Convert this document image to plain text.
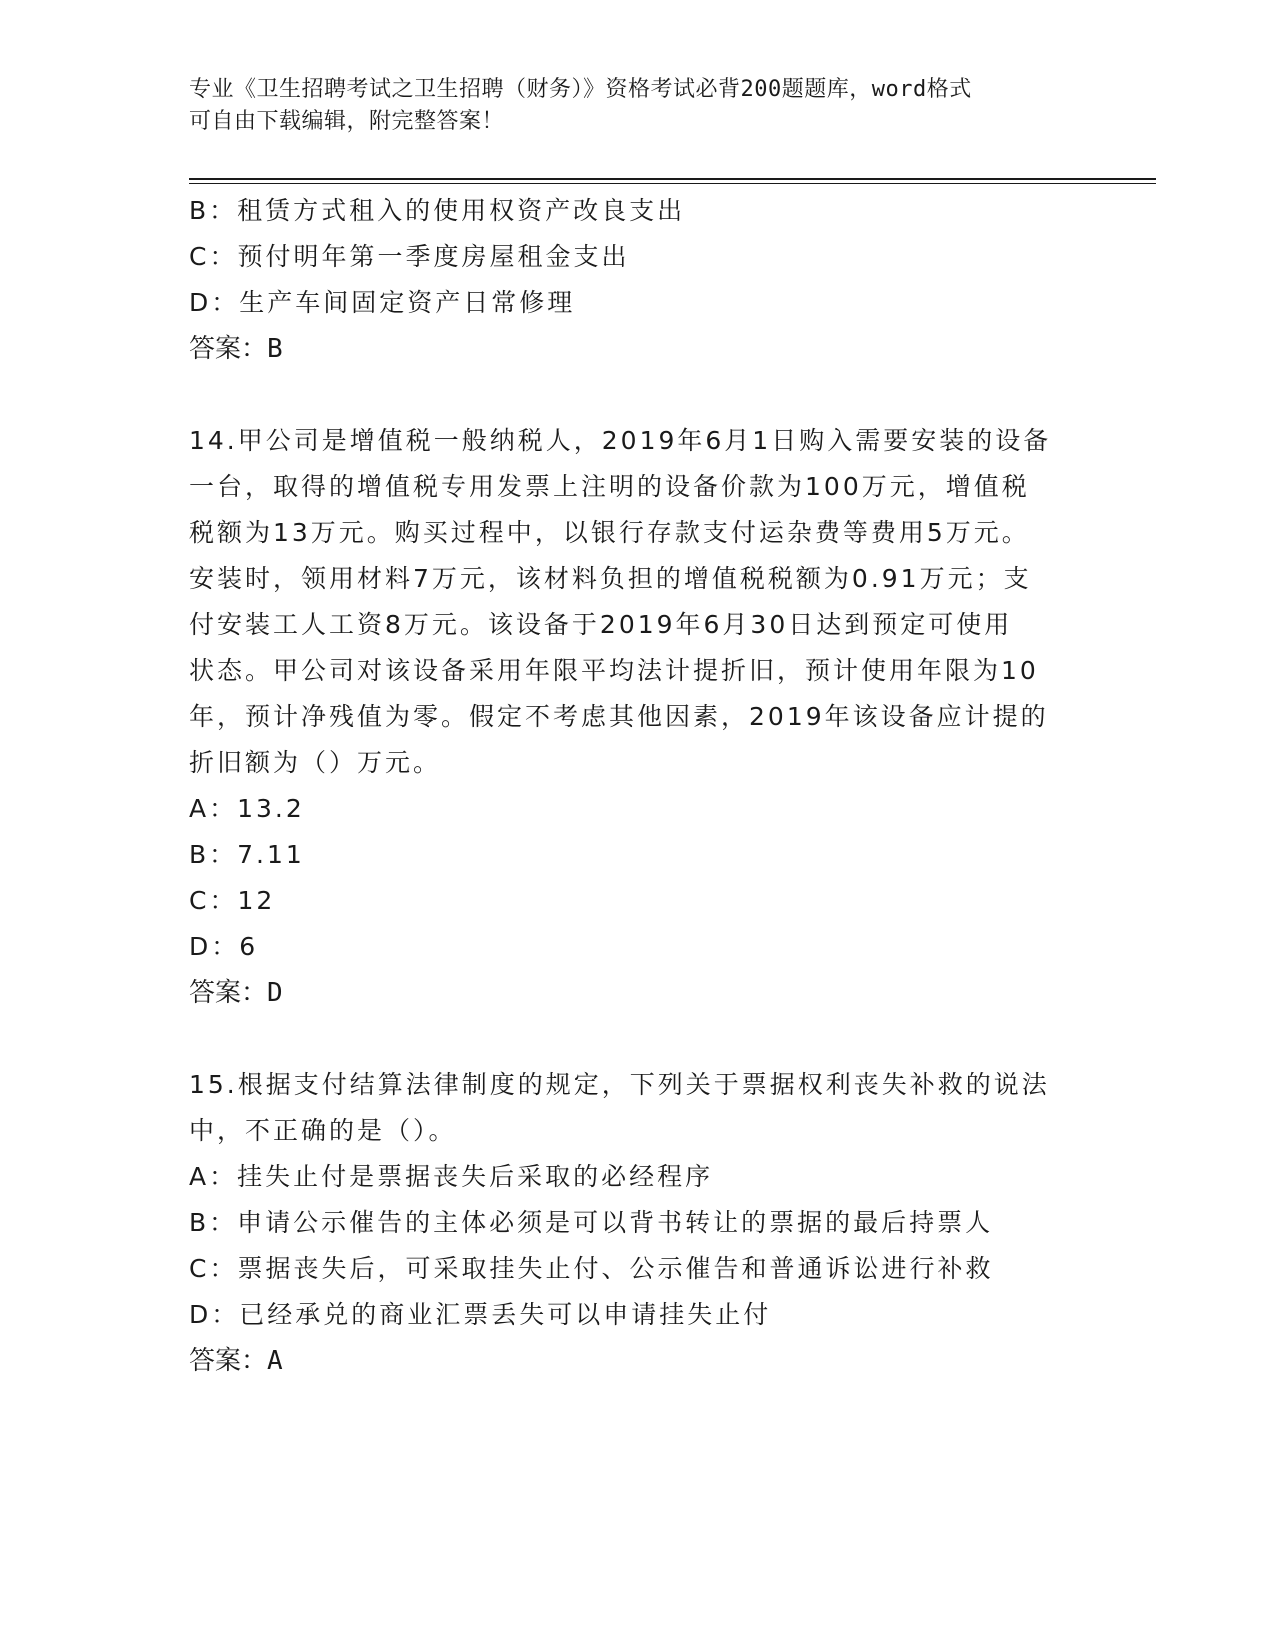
专业《卫生招聘考试之卫生招聘（财务）》资格考试必背200题题库，word格式
可自由下载编辑，附完整答案！
B：租赁方式租入的使用权资产改良支出
C：预付明年第一季度房屋租金支出
D：生产车间固定资产日常修理
答案：B
14.甲公司是增值税一般纳税人，2019年6月1日购入需要安装的设备
一台，取得的增值税专用发票上注明的设备价款为100万元，增值税
税额为13万元。购买过程中，以银行存款支付运杂费等费用5万元。
安装时，领用材料7万元，该材料负担的增值税税额为0.91万元；支
付安装工人工资8万元。该设备于2019年6月30日达到预定可使用
状态。甲公司对该设备采用年限平均法计提折旧，预计使用年限为10
年，预计净残值为零。假定不考虑其他因素，2019年该设备应计提的
折旧额为（）万元。
A：13.2
B：7.11
C：12
D：6
答案：D
15.根据支付结算法律制度的规定，下列关于票据权利丧失补救的说法
中，不正确的是（）。
A：挂失止付是票据丧失后采取的必经程序
B：申请公示催告的主体必须是可以背书转让的票据的最后持票人
C：票据丧失后，可采取挂失止付、公示催告和普通诉讼进行补救
D：已经承兑的商业汇票丢失可以申请挂失止付
答案：A
